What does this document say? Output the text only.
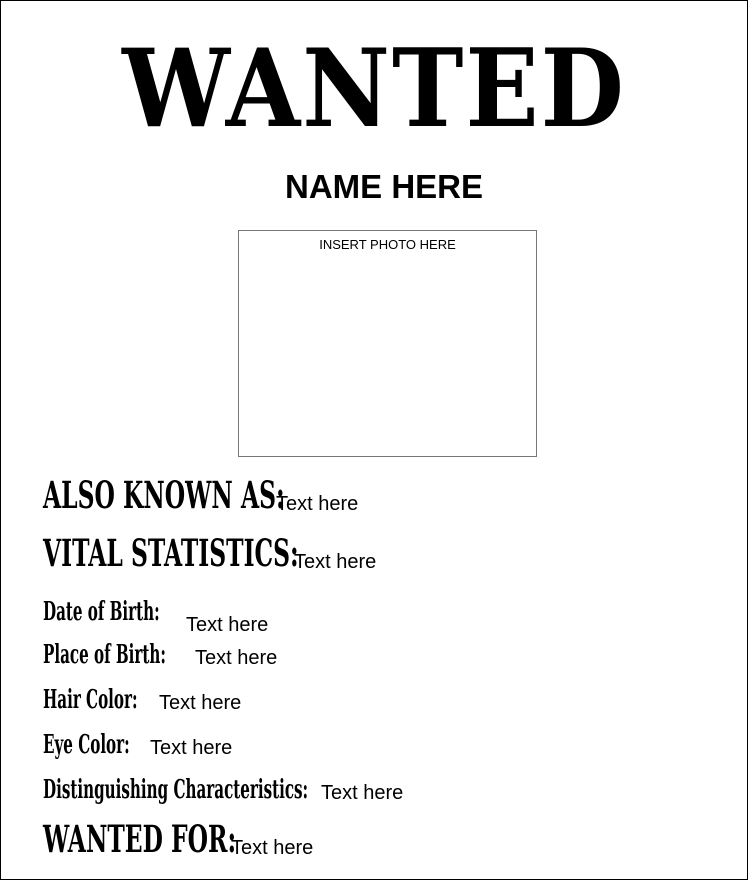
WANTED
NAME HERE
INSERT PHOTO HERE
ALSO KNOWN AS:
Text here
VITAL STATISTICS:
Text here
Date of Birth: Text here
Place of Birth: Text here
Hair Color: Text here
Eye Color: Text here
Distinguishing Characteristics: Text here
WANTED FOR:
Text here
